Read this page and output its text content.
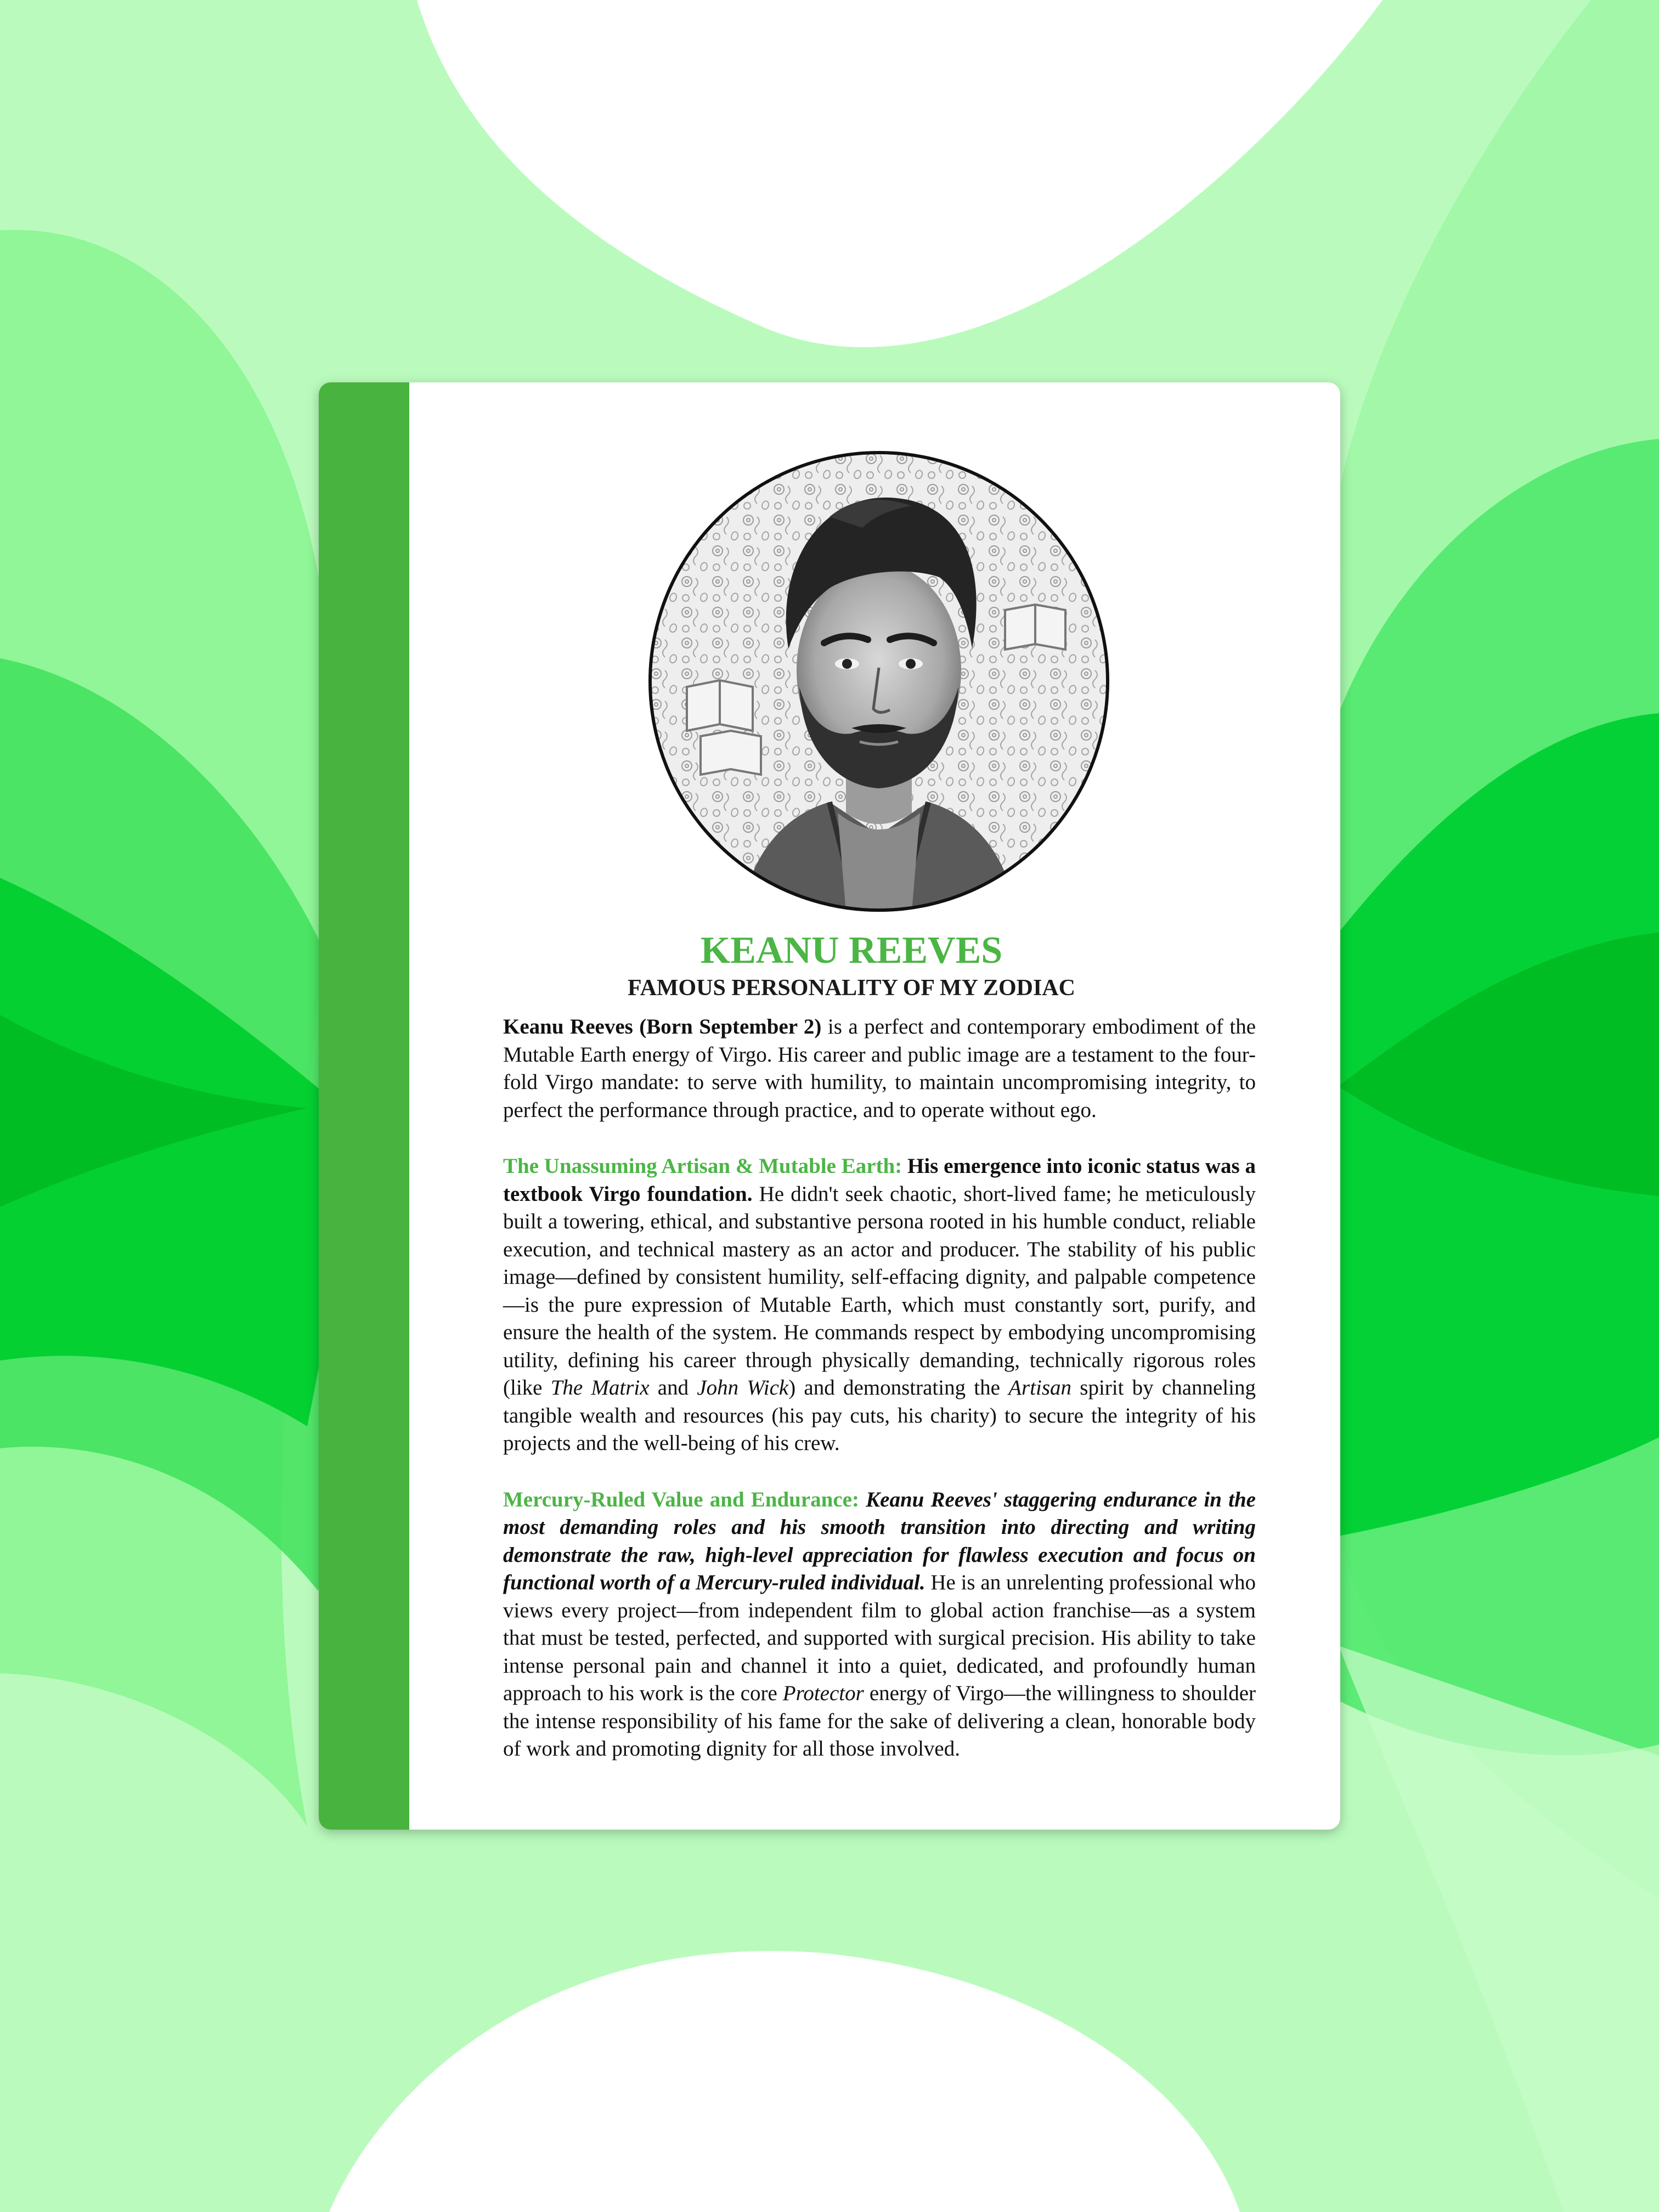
KEANU REEVES
FAMOUS PERSONALITY OF MY ZODIAC

Keanu Reeves (Born September 2) is a perfect and contemporary embodiment of the Mutable Earth energy of Virgo. His career and public image are a testament to the four-fold Virgo mandate: to serve with humility, to maintain uncompromising integrity, to perfect the performance through practice, and to operate without ego.

The Unassuming Artisan & Mutable Earth: His emergence into iconic status was a textbook Virgo foundation. He didn't seek chaotic, short-lived fame; he meticulously built a towering, ethical, and substantive persona rooted in his humble conduct, reliable execution, and technical mastery as an actor and producer. The stability of his public image—defined by consistent humility, self-effacing dignity, and palpable competence—is the pure expression of Mutable Earth, which must constantly sort, purify, and ensure the health of the system. He commands respect by embodying uncompromising utility, defining his career through physically demanding, technically rigorous roles (like The Matrix and John Wick) and demonstrating the Artisan spirit by channeling tangible wealth and resources (his pay cuts, his charity) to secure the integrity of his projects and the well-being of his crew.

Mercury-Ruled Value and Endurance: Keanu Reeves' staggering endurance in the most demanding roles and his smooth transition into directing and writing demonstrate the raw, high-level appreciation for flawless execution and focus on functional worth of a Mercury-ruled individual. He is an unrelenting professional who views every project—from independent film to global action franchise—as a system that must be tested, perfected, and supported with surgical precision. His ability to take intense personal pain and channel it into a quiet, dedicated, and profoundly human approach to his work is the core Protector energy of Virgo—the willingness to shoulder the intense responsibility of his fame for the sake of delivering a clean, honorable body of work and promoting dignity for all those involved.
